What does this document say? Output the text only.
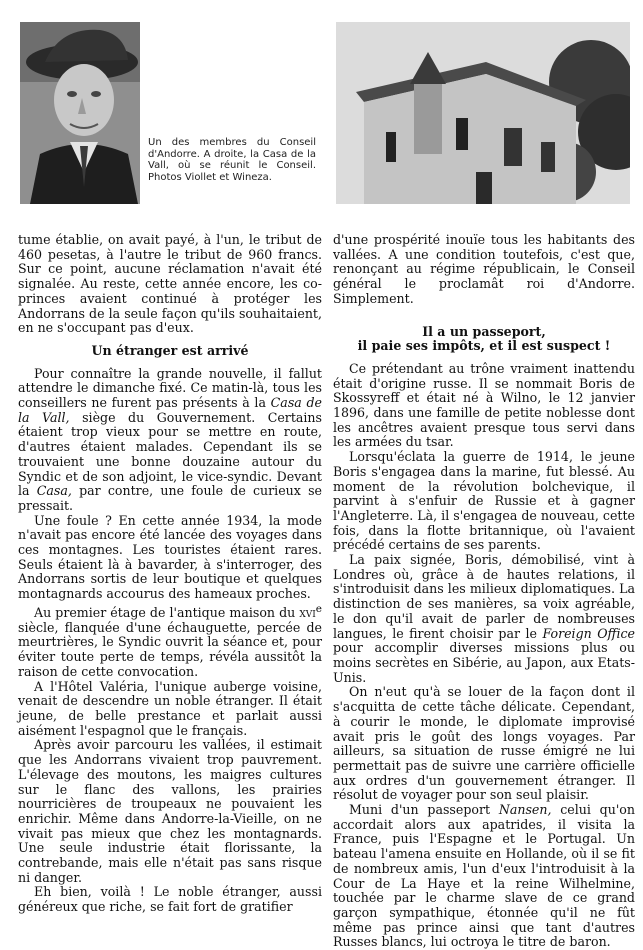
Un des membres du Conseil d'Andorre. A droite, la Casa de la Vall, où se réunit le Conseil. Photos Viollet et Wineza.

tume établie, on avait payé, à l'un, le tribut de 460 pesetas, à l'autre le tribut de 960 francs. Sur ce point, aucune réclamation n'avait été signalée. Au reste, cette année encore, les co-princes avaient continué à protéger les Andorrans de la seule façon qu'ils souhaitaient, en ne s'occupant pas d'eux.

Un étranger est arrivé

Pour connaître la grande nouvelle, il fallut attendre le dimanche fixé. Ce matin-là, tous les conseillers ne furent pas présents à la Casa de la Vall, siège du Gouvernement. Certains étaient trop vieux pour se mettre en route, d'autres étaient malades. Cependant ils se trouvaient une bonne douzaine autour du Syndic et de son adjoint, le vice-syndic. Devant la Casa, par contre, une foule de curieux se pressait.

Une foule ? En cette année 1934, la mode n'avait pas encore été lancée des voyages dans ces montagnes. Les touristes étaient rares. Seuls étaient là à bavarder, à s'interroger, des Andorrans sortis de leur boutique et quelques montagnards accourus des hameaux proches.

Au premier étage de l'antique maison du xvi$^e$ siècle, flanquée d'une échauguette, percée de meurtrières, le Syndic ouvrit la séance et, pour éviter toute perte de temps, révéla aussitôt la raison de cette convocation.

A l'Hôtel Valéria, l'unique auberge voisine, venait de descendre un noble étranger. Il était jeune, de belle prestance et parlait aussi aisément l'espagnol que le français.

Après avoir parcouru les vallées, il estimait que les Andorrans vivaient trop pauvrement. L'élevage des moutons, les maigres cultures sur le flanc des vallons, les prairies nourricières de troupeaux ne pouvaient les enrichir. Même dans Andorre-la-Vieille, on ne vivait pas mieux que chez les montagnards. Une seule industrie était florissante, la contrebande, mais elle n'était pas sans risque ni danger.

Eh bien, voilà ! Le noble étranger, aussi généreux que riche, se fait fort de gratifier

d'une prospérité inouïe tous les habitants des vallées. A une condition toutefois, c'est que, renonçant au régime républicain, le Conseil général le proclamât roi d'Andorre. Simplement.

Il a un passeport,
il paie ses impôts, et il est suspect !

Ce prétendant au trône vraiment inattendu était d'origine russe. Il se nommait Boris de Skossyreff et était né à Wilno, le 12 janvier 1896, dans une famille de petite noblesse dont les ancêtres avaient presque tous servi dans les armées du tsar.

Lorsqu'éclata la guerre de 1914, le jeune Boris s'engagea dans la marine, fut blessé. Au moment de la révolution bolchevique, il parvint à s'enfuir de Russie et à gagner l'Angleterre. Là, il s'engagea de nouveau, cette fois, dans la flotte britannique, où l'avaient précédé certains de ses parents.

La paix signée, Boris, démobilisé, vint à Londres où, grâce à de hautes relations, il s'introduisit dans les milieux diplomatiques. La distinction de ses manières, sa voix agréable, le don qu'il avait de parler de nombreuses langues, le firent choisir par le Foreign Office pour accomplir diverses missions plus ou moins secrètes en Sibérie, au Japon, aux Etats-Unis.

On n'eut qu'à se louer de la façon dont il s'acquitta de cette tâche délicate. Cependant, à courir le monde, le diplomate improvisé avait pris le goût des longs voyages. Par ailleurs, sa situation de russe émigré ne lui permettait pas de suivre une carrière officielle aux ordres d'un gouvernement étranger. Il résolut de voyager pour son seul plaisir.

Muni d'un passeport Nansen, celui qu'on accordait alors aux apatrides, il visita la France, puis l'Espagne et le Portugal. Un bateau l'amena ensuite en Hollande, où il se fit de nombreux amis, l'un d'eux l'introduisit à la Cour de La Haye et la reine Wilhelmine, touchée par le charme slave de ce grand garçon sympathique, étonnée qu'il ne fût même pas prince ainsi que tant d'autres Russes blancs, lui octroya le titre de baron.
